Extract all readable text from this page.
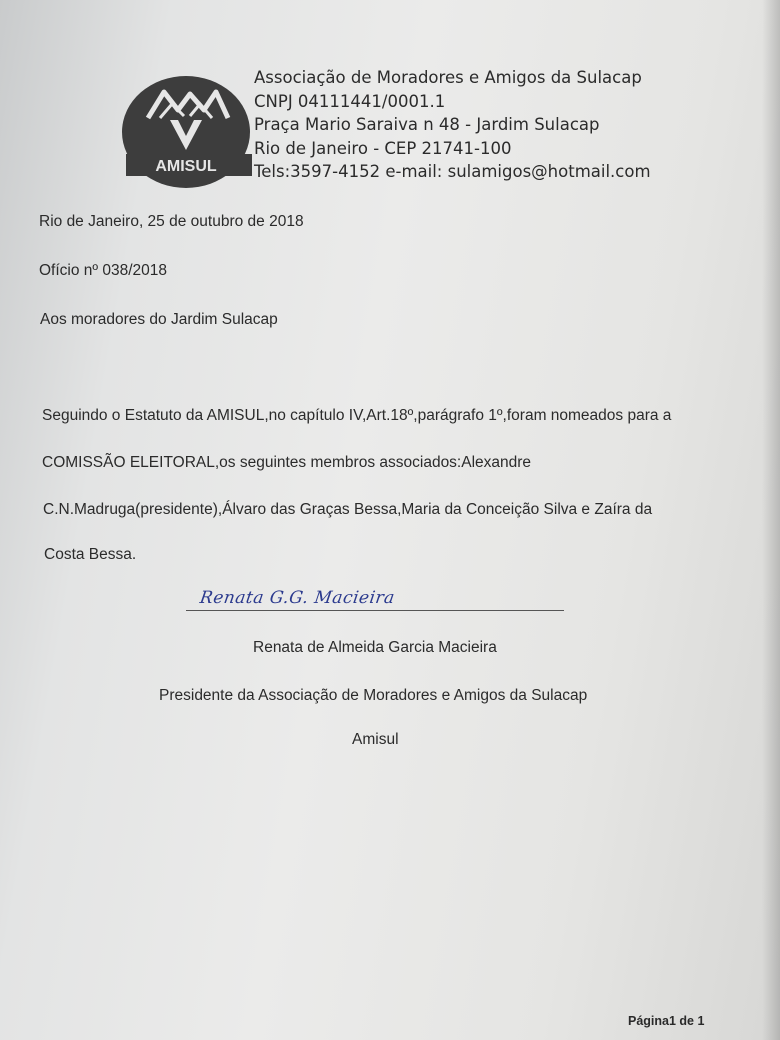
AMISUL
Associação de Moradores e Amigos da Sulacap
CNPJ 04111441/0001.1
Praça Mario Saraiva n 48 - Jardim Sulacap
Rio de Janeiro - CEP 21741-100
Tels:3597-4152 e-mail: sulamigos@hotmail.com
Rio de Janeiro, 25 de outubro de 2018
Ofício nº 038/2018
Aos moradores do Jardim Sulacap
Seguindo o Estatuto da AMISUL,no capítulo IV,Art.18º,parágrafo 1º,foram nomeados para a
COMISSÃO ELEITORAL,os seguintes membros associados:Alexandre
C.N.Madruga(presidente),Álvaro das Graças Bessa,Maria da Conceição Silva e Zaíra da
Costa Bessa.
Renata G.G. Macieira
Renata de Almeida Garcia Macieira
Presidente da Associação de Moradores e Amigos da Sulacap
Amisul
Página1 de 1
